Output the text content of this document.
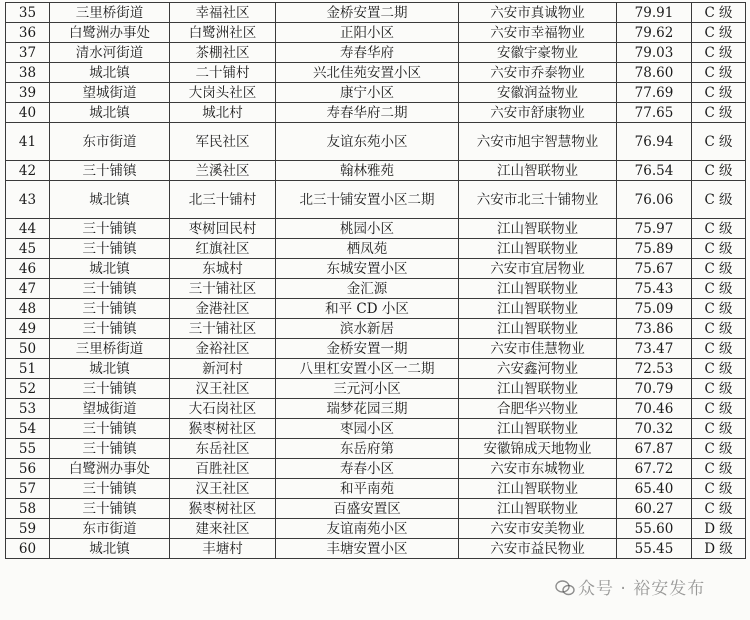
35	三里桥街道	幸福社区	金桥安置二期	六安市真诚物业	79.91	C 级
36	白鹭洲办事处	白鹭洲社区	正阳小区	六安市幸福物业	79.62	C 级
37	清水河街道	茶棚社区	寿春华府	安徽宇豪物业	79.03	C 级
38	城北镇	二十铺村	兴北佳苑安置小区	六安市乔泰物业	78.60	C 级
39	望城街道	大岗头社区	康宁小区	安徽润益物业	77.69	C 级
40	城北镇	城北村	寿春华府二期	六安市舒康物业	77.65	C 级
41	东市街道	军民社区	友谊东苑小区	六安市旭宇智慧物业	76.94	C 级
42	三十铺镇	兰溪社区	翰林雅苑	江山智联物业	76.54	C 级
43	城北镇	北三十铺村	北三十铺安置小区二期	六安市北三十铺物业	76.06	C 级
44	三十铺镇	枣树回民村	桃园小区	江山智联物业	75.97	C 级
45	三十铺镇	红旗社区	栖凤苑	江山智联物业	75.89	C 级
46	城北镇	东城村	东城安置小区	六安市宜居物业	75.67	C 级
47	三十铺镇	三十铺社区	金汇源	江山智联物业	75.43	C 级
48	三十铺镇	金港社区	和平 CD 小区	江山智联物业	75.09	C 级
49	三十铺镇	三十铺社区	滨水新居	江山智联物业	73.86	C 级
50	三里桥街道	金裕社区	金桥安置一期	六安市佳慧物业	73.47	C 级
51	城北镇	新河村	八里杠安置小区一二期	六安鑫河物业	72.53	C 级
52	三十铺镇	汉王社区	三元河小区	江山智联物业	70.79	C 级
53	望城街道	大石岗社区	瑞梦花园三期	合肥华兴物业	70.46	C 级
54	三十铺镇	猴枣树社区	枣园小区	江山智联物业	70.32	C 级
55	三十铺镇	东岳社区	东岳府第	安徽锦成天地物业	67.87	C 级
56	白鹭洲办事处	百胜社区	寿春小区	六安市东城物业	67.72	C 级
57	三十铺镇	汉王社区	和平南苑	江山智联物业	65.40	C 级
58	三十铺镇	猴枣树社区	百盛安置区	江山智联物业	60.27	C 级
59	东市街道	建来社区	友谊南苑小区	六安市安美物业	55.60	D 级
60	城北镇	丰塘村	丰塘安置小区	六安市益民物业	55.45	D 级
众号 · 裕安发布
